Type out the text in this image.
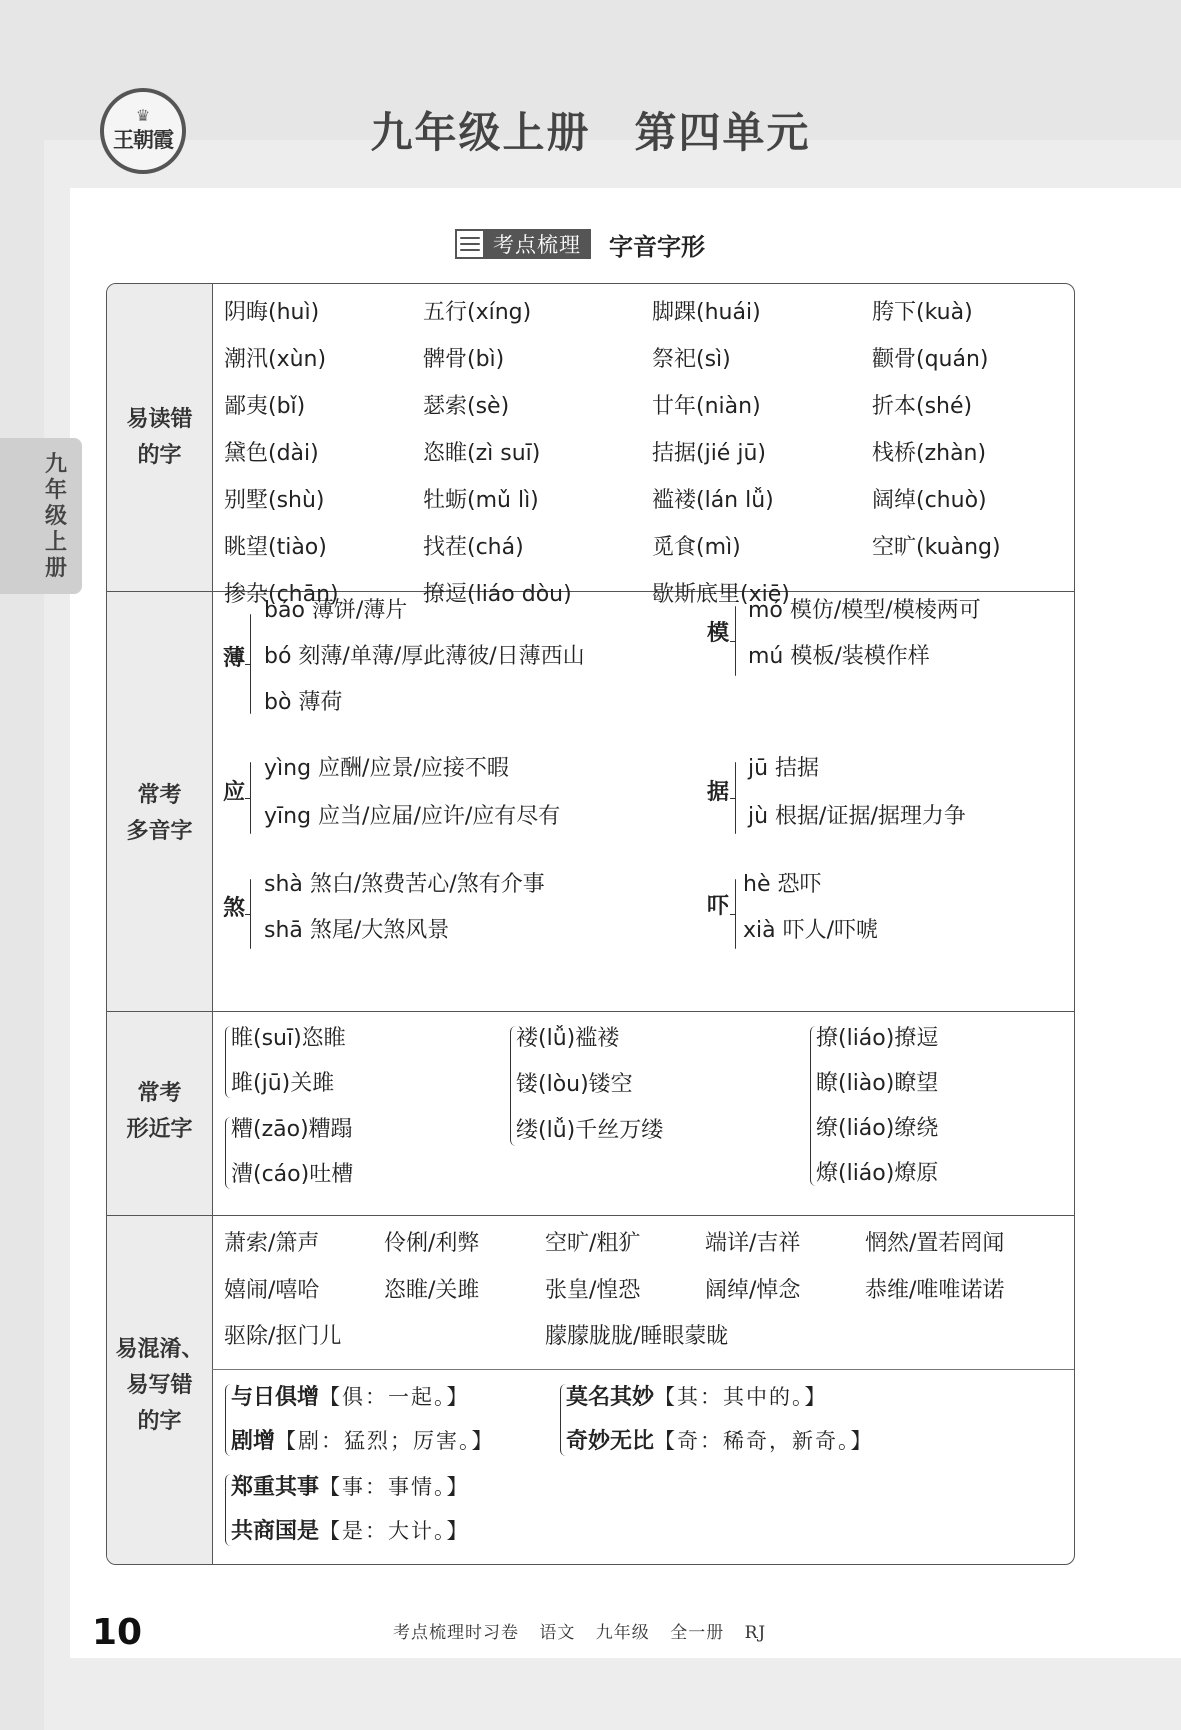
♛
王朝霞	九年级上册 第四单元
九年级上册
考点梳理 字音字形
易读错
的字
阴晦(huì)	五行(xíng)	脚踝(huái)	胯下(kuà)
潮汛(xùn)	髀骨(bì)	祭祀(sì)	颧骨(quán)
鄙夷(bǐ)	瑟索(sè)	廿年(niàn)	折本(shé)
黛色(dài)	恣睢(zì suī)	拮据(jié jū)	栈桥(zhàn)
别墅(shù)	牡蛎(mǔ lì)	褴褛(lán lǚ)	阔绰(chuò)
眺望(tiào)	找茬(chá)	觅食(mì)	空旷(kuàng)
掺杂(chān)	撩逗(liáo dòu)	歇斯底里(xiē)
常考
多音字
薄
báo 薄饼/薄片
bó 刻薄/单薄/厚此薄彼/日薄西山
bò 薄荷
模
mó 模仿/模型/模棱两可
mú 模板/装模作样
应
yìng 应酬/应景/应接不暇
yīng 应当/应届/应许/应有尽有
据
jū 拮据
jù 根据/证据/据理力争
煞
shà 煞白/煞费苦心/煞有介事
shā 煞尾/大煞风景
吓
hè 恐吓
xià 吓人/吓唬
常考
形近字
睢(suī)恣睢
雎(jū)关雎
糟(zāo)糟蹋
漕(cáo)吐槽
褛(lǚ)褴褛
镂(lòu)镂空
缕(lǚ)千丝万缕
撩(liáo)撩逗
瞭(liào)瞭望
缭(liáo)缭绕
燎(liáo)燎原
易混淆、
易写错
的字
萧索/箫声	伶俐/利弊	空旷/粗犷	端详/吉祥	惘然/置若罔闻
嬉闹/嘻哈	恣睢/关雎	张皇/惶恐	阔绰/悼念	恭维/唯唯诺诺
驱除/抠门儿	朦朦胧胧/睡眼蒙眬
与日俱增【俱：一起。】
剧增【剧：猛烈；厉害。】
莫名其妙【其：其中的。】
奇妙无比【奇：稀奇，新奇。】
郑重其事【事：事情。】
共商国是【是：大计。】
10	考点梳理时习卷 语文 九年级 全一册 RJ
